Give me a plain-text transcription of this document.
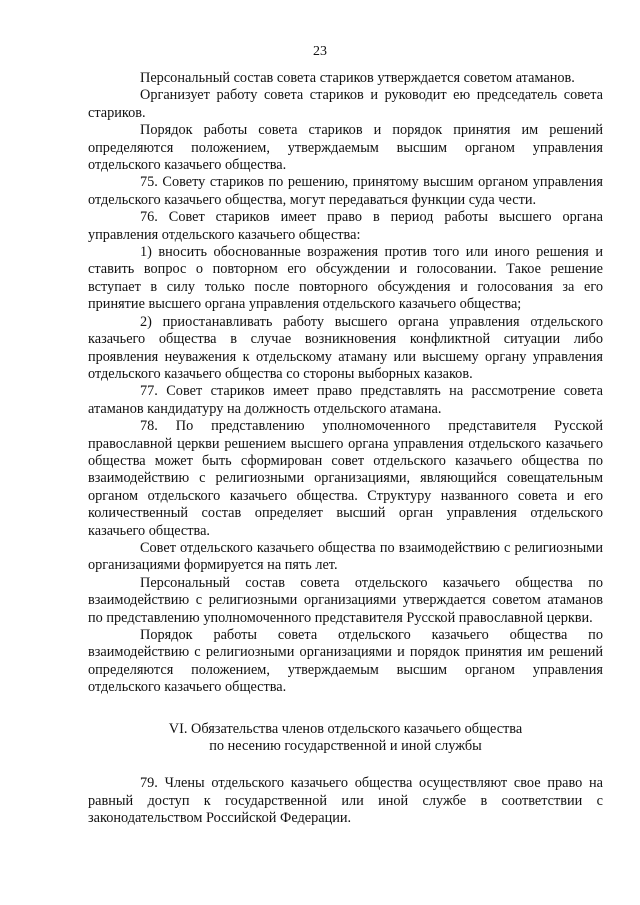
23

Персональный состав совета стариков утверждается советом атаманов.

Организует работу совета стариков и руководит ею председатель совета стариков.

Порядок работы совета стариков и порядок принятия им решений определяются положением, утверждаемым высшим органом управления отдельского казачьего общества.

75. Совету стариков по решению, принятому высшим органом управления отдельского казачьего общества, могут передаваться функции суда чести.

76. Совет стариков имеет право в период работы высшего органа управления отдельского казачьего общества:

1) вносить обоснованные возражения против того или иного решения и ставить вопрос о повторном его обсуждении и голосовании. Такое решение вступает в силу только после повторного обсуждения и голосования за его принятие высшего органа управления отдельского казачьего общества;

2) приостанавливать работу высшего органа управления отдельского казачьего общества в случае возникновения конфликтной ситуации либо проявления неуважения к отдельскому атаману или высшему органу управления отдельского казачьего общества со стороны выборных казаков.

77. Совет стариков имеет право представлять на рассмотрение совета атаманов кандидатуру на должность отдельского атамана.

78. По представлению уполномоченного представителя Русской православной церкви решением высшего органа управления отдельского казачьего общества может быть сформирован совет отдельского казачьего общества по взаимодействию с религиозными организациями, являющийся совещательным органом отдельского казачьего общества. Структуру названного совета и его количественный состав определяет высший орган управления отдельского казачьего общества.

Совет отдельского казачьего общества по взаимодействию с религиозными организациями формируется на пять лет.

Персональный состав совета отдельского казачьего общества по взаимодействию с религиозными организациями утверждается советом атаманов по представлению уполномоченного представителя Русской православной церкви.

Порядок работы совета отдельского казачьего общества по взаимодействию с религиозными организациями и порядок принятия им решений определяются положением, утверждаемым высшим органом управления отдельского казачьего общества.

VI. Обязательства членов отдельского казачьего общества
по несению государственной и иной службы

79. Члены отдельского казачьего общества осуществляют свое право на равный доступ к государственной или иной службе в соответствии с законодательством Российской Федерации.
